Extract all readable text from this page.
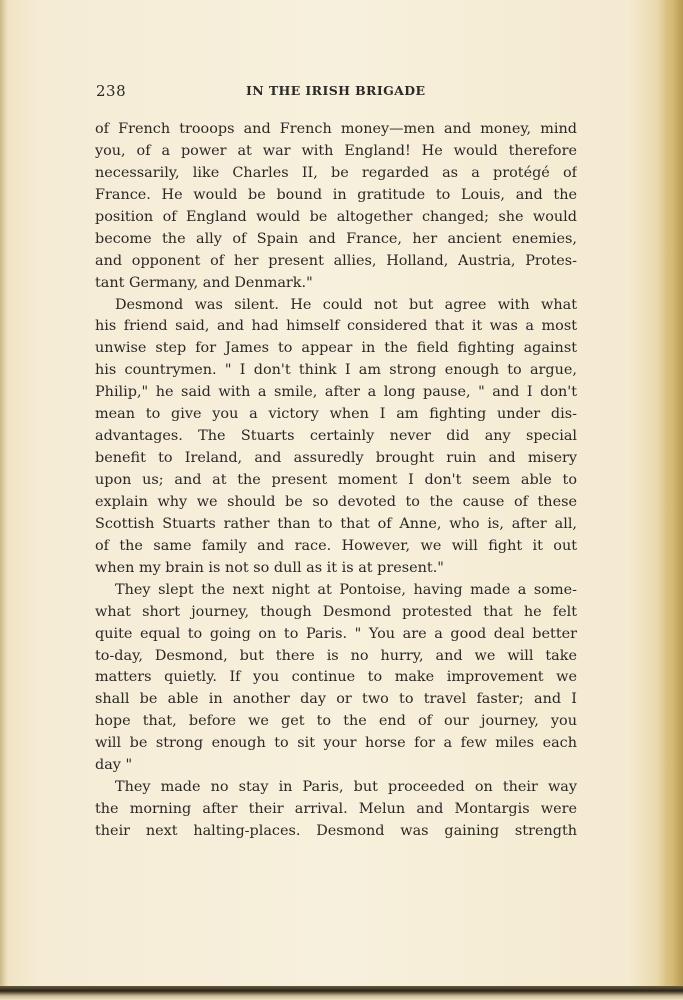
238	IN THE IRISH BRIGADE
of French trooops and French money—men and money, mind
you, of a power at war with England! He would therefore
necessarily, like Charles II, be regarded as a protégé of
France. He would be bound in gratitude to Louis, and the
position of England would be altogether changed; she would
become the ally of Spain and France, her ancient enemies,
and opponent of her present allies, Holland, Austria, Protes-
tant Germany, and Denmark."
Desmond was silent. He could not but agree with what
his friend said, and had himself considered that it was a most
unwise step for James to appear in the field fighting against
his countrymen. " I don't think I am strong enough to argue,
Philip," he said with a smile, after a long pause, " and I don't
mean to give you a victory when I am fighting under dis-
advantages. The Stuarts certainly never did any special
benefit to Ireland, and assuredly brought ruin and misery
upon us; and at the present moment I don't seem able to
explain why we should be so devoted to the cause of these
Scottish Stuarts rather than to that of Anne, who is, after all,
of the same family and race. However, we will fight it out
when my brain is not so dull as it is at present."
They slept the next night at Pontoise, having made a some-
what short journey, though Desmond protested that he felt
quite equal to going on to Paris. " You are a good deal better
to-day, Desmond, but there is no hurry, and we will take
matters quietly. If you continue to make improvement we
shall be able in another day or two to travel faster; and I
hope that, before we get to the end of our journey, you
will be strong enough to sit your horse for a few miles each
day "
They made no stay in Paris, but proceeded on their way
the morning after their arrival. Melun and Montargis were
their next halting-places. Desmond was gaining strength
